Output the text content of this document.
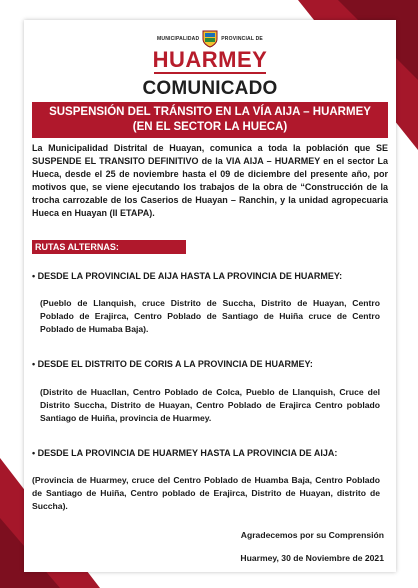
MUNICIPALIDAD	PROVINCIAL DE
HUARMEY
COMUNICADO
SUSPENSIÓN DEL TRÁNSITO EN LA VÍA AIJA – HUARMEY
(EN EL SECTOR LA HUECA)
La Municipalidad Distrital de Huayan, comunica a toda la población que SE SUSPENDE EL TRANSITO DEFINITIVO de la VIA AIJA – HUARMEY en el sector La Hueca, desde el 25 de noviembre hasta el 09 de diciembre del presente año, por motivos que, se viene ejecutando los trabajos de la obra de “Construcción de la trocha carrozable de los Caserios de Huayan – Ranchin, y la unidad agropecuaria Hueca en Huayan (II ETAPA).
RUTAS ALTERNAS:
• DESDE LA PROVINCIAL DE AIJA HASTA LA PROVINCIA DE HUARMEY:
(Pueblo de Llanquish, cruce Distrito de Succha, Distrito de Huayan, Centro Poblado de Erajirca, Centro Poblado de Santiago de Huiña cruce de Centro Poblado de Humaba Baja).
• DESDE EL DISTRITO DE CORIS A LA PROVINCIA DE HUARMEY:
(Distrito de Huacllan, Centro Poblado de Colca, Pueblo de Llanquish, Cruce del Distrito Succha, Distrito de Huayan, Centro Poblado de Erajirca Centro poblado Santiago de Huiña, provincia de Huarmey.
• DESDE LA PROVINCIA DE HUARMEY HASTA LA PROVINCIA DE AIJA:
(Provincia de Huarmey, cruce del Centro Poblado de Huamba Baja, Centro Poblado de Santiago de Huiña, Centro poblado de Erajirca, Distrito de Huayan, distrito de Succha).
Agradecemos por su Comprensión
Huarmey, 30 de Noviembre de 2021
